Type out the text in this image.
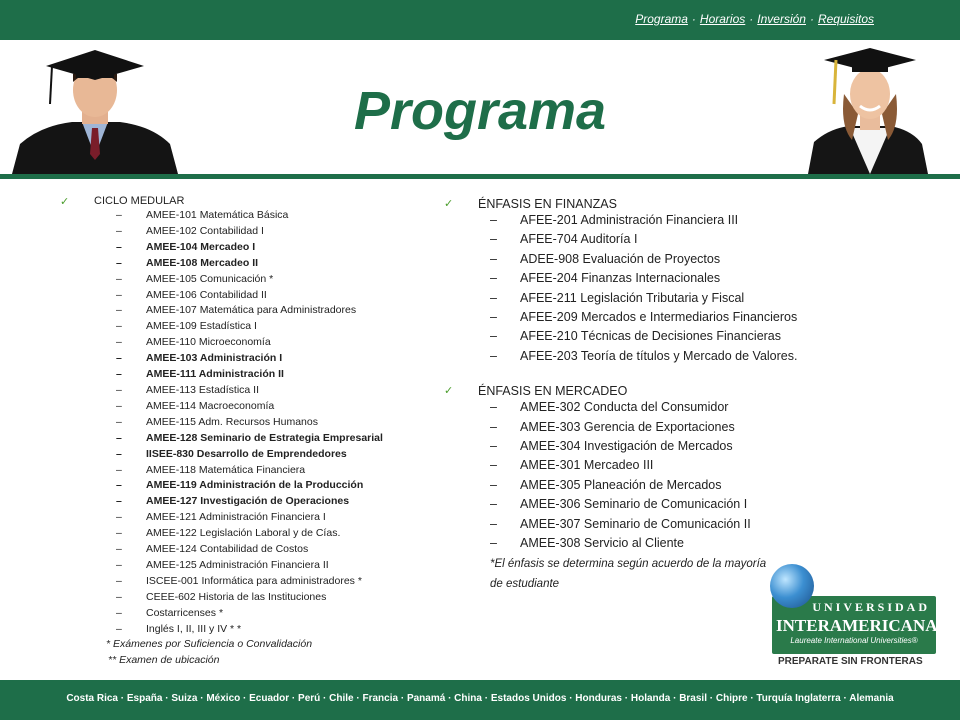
Programa · Horarios · Inversión · Requisitos
Programa
✓	CICLO MEDULAR
–	AMEE-101 Matemática Básica
–	AMEE-102 Contabilidad I
–	AMEE-104 Mercadeo I
–	AMEE-108 Mercadeo II
–	AMEE-105 Comunicación *
–	AMEE-106 Contabilidad II
–	AMEE-107 Matemática para Administradores
–	AMEE-109 Estadística I
–	AMEE-110 Microeconomía
–	AMEE-103 Administración I
–	AMEE-111 Administración II
–	AMEE-113 Estadística II
–	AMEE-114 Macroeconomía
–	AMEE-115 Adm. Recursos Humanos
–	AMEE-128 Seminario de Estrategia Empresarial
–	IISEE-830 Desarrollo de Emprendedores
–	AMEE-118 Matemática Financiera
–	AMEE-119 Administración de la Producción
–	AMEE-127 Investigación de Operaciones
–	AMEE-121 Administración Financiera I
–	AMEE-122 Legislación Laboral y de Cías.
–	AMEE-124 Contabilidad de Costos
–	AMEE-125 Administración Financiera II
–	ISCEE-001 Informática para administradores *
–	CEEE-602 Historia de las Instituciones
–	Costarricenses *
–	Inglés I, II, III y IV * *
* Exámenes por Suficiencia o Convalidación
** Examen de ubicación
✓	ÉNFASIS EN FINANZAS
–	AFEE-201 Administración Financiera III
–	AFEE-704 Auditoría I
–	ADEE-908 Evaluación de Proyectos
–	AFEE-204 Finanzas Internacionales
–	AFEE-211 Legislación Tributaria y Fiscal
–	AFEE-209 Mercados e Intermediarios Financieros
–	AFEE-210 Técnicas de Decisiones Financieras
–	AFEE-203 Teoría de títulos y Mercado de Valores.
✓	ÉNFASIS EN MERCADEO
–	AMEE-302 Conducta del Consumidor
–	AMEE-303 Gerencia de Exportaciones
–	AMEE-304 Investigación de Mercados
–	AMEE-301 Mercadeo III
–	AMEE-305 Planeación de Mercados
–	AMEE-306 Seminario de Comunicación I
–	AMEE-307 Seminario de Comunicación II
–	AMEE-308 Servicio al Cliente
*El énfasis se determina según acuerdo de la mayoría de estudiante
UNIVERSIDAD
INTERAMERICANA
Laureate International Universities®
PREPARATE SIN FRONTERAS
Costa Rica · España · Suiza · México · Ecuador · Perú · Chile · Francia · Panamá · China · Estados Unidos · Honduras · Holanda · Brasil · Chipre · Turquía Inglaterra · Alemania
